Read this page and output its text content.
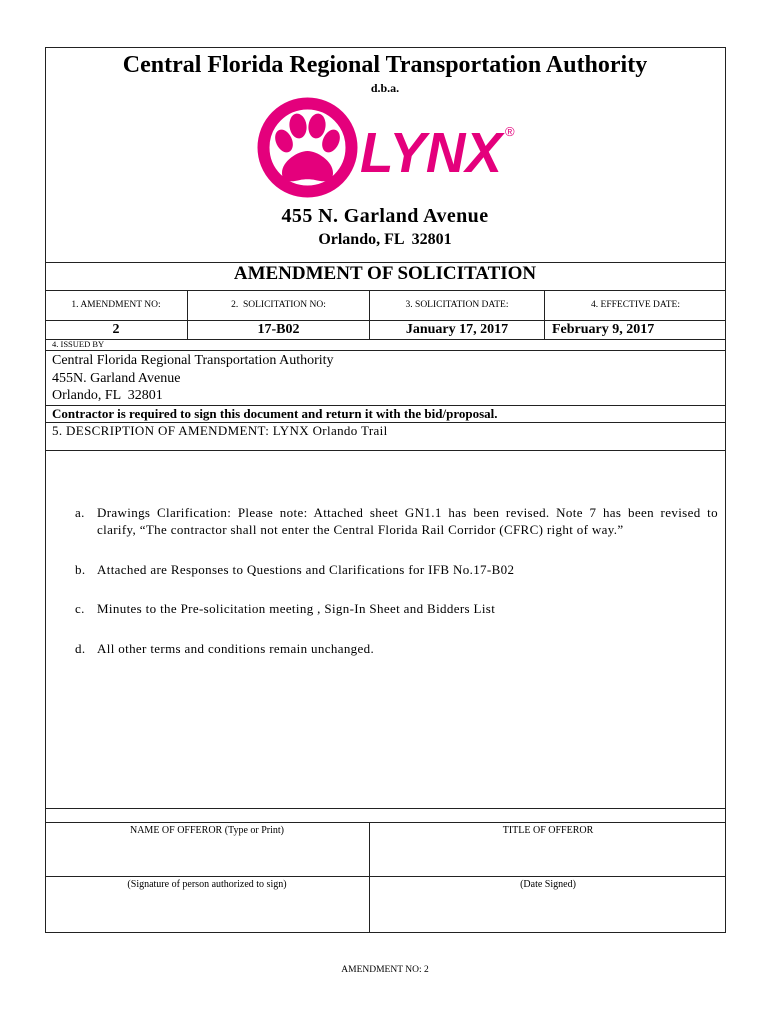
Central Florida Regional Transportation Authority
d.b.a.
LYNX ®
455 N. Garland Avenue
Orlando, FL  32801
AMENDMENT OF SOLICITATION
1. AMENDMENT NO:	2.  SOLICITATION NO:	3. SOLICITATION DATE:	4. EFFECTIVE DATE:
2	17-B02	January 17, 2017	February 9, 2017
4. ISSUED BY
Central Florida Regional Transportation Authority
455N. Garland Avenue
Orlando, FL  32801
Contractor is required to sign this document and return it with the bid/proposal.
5. DESCRIPTION OF AMENDMENT: LYNX Orlando Trail
a. Drawings Clarification: Please note: Attached sheet GN1.1 has been revised. Note 7 has been revised to
clarify, “The contractor shall not enter the Central Florida Rail Corridor (CFRC) right of way.”
b. Attached are Responses to Questions and Clarifications for IFB No.17-B02
c. Minutes to the Pre-solicitation meeting , Sign-In Sheet and Bidders List
d. All other terms and conditions remain unchanged.
NAME OF OFFEROR (Type or Print)	TITLE OF OFFEROR
(Signature of person authorized to sign)	(Date Signed)
AMENDMENT NO: 2
